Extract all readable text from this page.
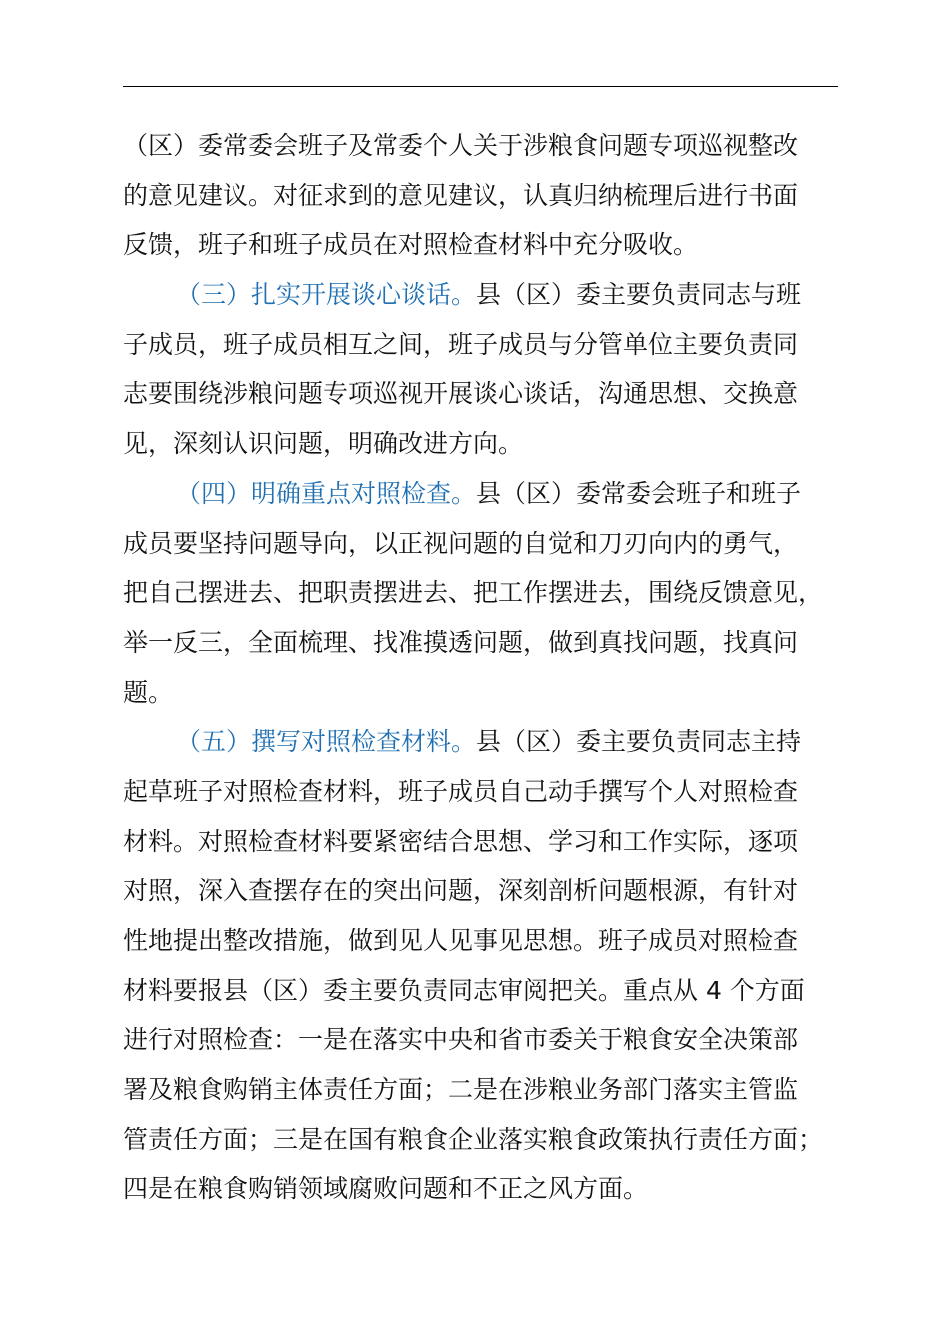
（区）委常委会班子及常委个人关于涉粮食问题专项巡视整改
的意见建议。对征求到的意见建议，认真归纳梳理后进行书面
反馈，班子和班子成员在对照检查材料中充分吸收。
（三）扎实开展谈心谈话。县（区）委主要负责同志与班
子成员，班子成员相互之间，班子成员与分管单位主要负责同
志要围绕涉粮问题专项巡视开展谈心谈话，沟通思想、交换意
见，深刻认识问题，明确改进方向。
（四）明确重点对照检查。县（区）委常委会班子和班子
成员要坚持问题导向，以正视问题的自觉和刀刃向内的勇气，
把自己摆进去、把职责摆进去、把工作摆进去，围绕反馈意见，
举一反三，全面梳理、找准摸透问题，做到真找问题，找真问
题。
（五）撰写对照检查材料。县（区）委主要负责同志主持
起草班子对照检查材料，班子成员自己动手撰写个人对照检查
材料。对照检查材料要紧密结合思想、学习和工作实际，逐项
对照，深入查摆存在的突出问题，深刻剖析问题根源，有针对
性地提出整改措施，做到见人见事见思想。班子成员对照检查
材料要报县（区）委主要负责同志审阅把关。重点从 4 个方面
进行对照检查：一是在落实中央和省市委关于粮食安全决策部
署及粮食购销主体责任方面；二是在涉粮业务部门落实主管监
管责任方面；三是在国有粮食企业落实粮食政策执行责任方面；
四是在粮食购销领域腐败问题和不正之风方面。
